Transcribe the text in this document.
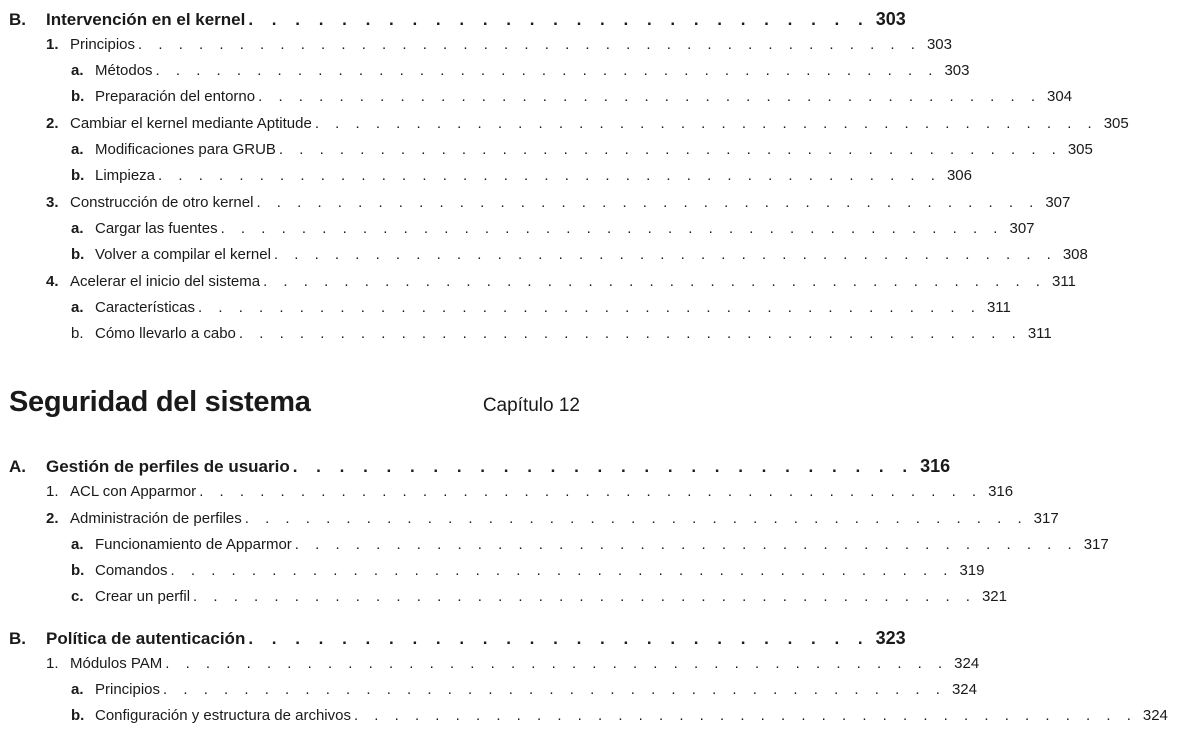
B.	Intervención en el kernel . . . . . . . . . . . . . . . . . . . . . . . . . . . 303
1. Principios . . . . . . . . . . . . . . . . . . . . . . . . . . . . . . . . . . . . . . . 303
a. Métodos . . . . . . . . . . . . . . . . . . . . . . . . . . . . . . . . . . . . . . . 303
b. Preparación del entorno . . . . . . . . . . . . . . . . . . . . . . . . . . . . . . . . . . . . . . . 304
2. Cambiar el kernel mediante Aptitude . . . . . . . . . . . . . . . . . . . . . . . . . . . . . . . . . . . . . . . 305
a. Modificaciones para GRUB . . . . . . . . . . . . . . . . . . . . . . . . . . . . . . . . . . . . . . . 305
b. Limpieza . . . . . . . . . . . . . . . . . . . . . . . . . . . . . . . . . . . . . . . 306
3. Construcción de otro kernel . . . . . . . . . . . . . . . . . . . . . . . . . . . . . . . . . . . . . . . 307
a. Cargar las fuentes . . . . . . . . . . . . . . . . . . . . . . . . . . . . . . . . . . . . . . . 307
b. Volver a compilar el kernel . . . . . . . . . . . . . . . . . . . . . . . . . . . . . . . . . . . . . . . 308
4. Acelerar el inicio del sistema . . . . . . . . . . . . . . . . . . . . . . . . . . . . . . . . . . . . . . . 311
a. Características . . . . . . . . . . . . . . . . . . . . . . . . . . . . . . . . . . . . . . . 311
b. Cómo llevarlo a cabo . . . . . . . . . . . . . . . . . . . . . . . . . . . . . . . . . . . . . . . 311
Seguridad del sistema	Capítulo 12
A.	Gestión de perfiles de usuario . . . . . . . . . . . . . . . . . . . . . . . . . . . 316
1. ACL con Apparmor . . . . . . . . . . . . . . . . . . . . . . . . . . . . . . . . . . . . . . . 316
2. Administración de perfiles . . . . . . . . . . . . . . . . . . . . . . . . . . . . . . . . . . . . . . . 317
a. Funcionamiento de Apparmor . . . . . . . . . . . . . . . . . . . . . . . . . . . . . . . . . . . . . . . 317
b. Comandos . . . . . . . . . . . . . . . . . . . . . . . . . . . . . . . . . . . . . . . 319
c. Crear un perfil . . . . . . . . . . . . . . . . . . . . . . . . . . . . . . . . . . . . . . . 321
B.	Política de autenticación . . . . . . . . . . . . . . . . . . . . . . . . . . . 323
1. Módulos PAM . . . . . . . . . . . . . . . . . . . . . . . . . . . . . . . . . . . . . . . 324
a. Principios . . . . . . . . . . . . . . . . . . . . . . . . . . . . . . . . . . . . . . . 324
b. Configuración y estructura de archivos . . . . . . . . . . . . . . . . . . . . . . . . . . . . . . . . . . . . . . . 324
